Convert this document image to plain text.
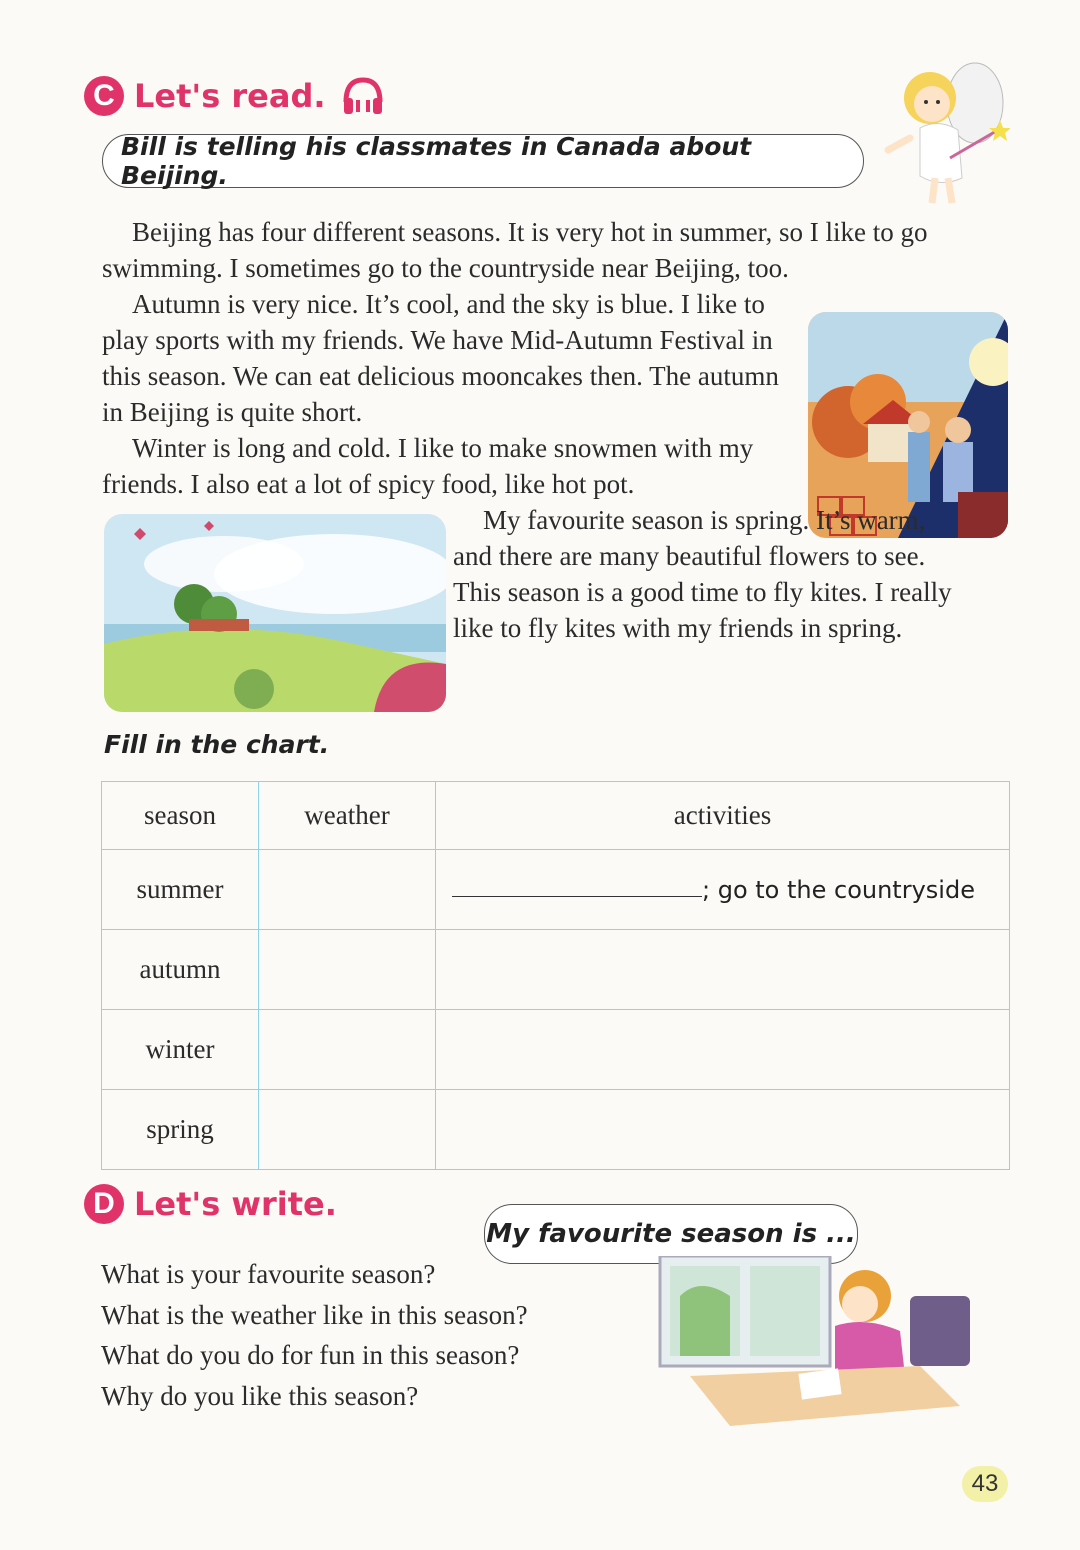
C Let's read.
Bill is telling his classmates in Canada about Beijing.

Beijing has four different seasons. It is very hot in summer, so I like to go swimming. I sometimes go to the countryside near Beijing, too.

Autumn is very nice. It’s cool, and the sky is blue. I like to play sports with my friends. We have Mid-Autumn Festival in this season. We can eat delicious mooncakes then. The autumn in Beijing is quite short.

Winter is long and cold. I like to make snowmen with my friends. I also eat a lot of spicy food, like hot pot.

My favourite season is spring. It’s warm, and there are many beautiful flowers to see. This season is a good time to fly kites. I really like to fly kites with my friends in spring.

Fill in the chart.
season	weather	activities
summer		; go to the countryside
autumn		
winter		
spring		
D Let's write.
My favourite season is ...

What is your favourite season?

What is the weather like in this season?

What do you do for fun in this season?

Why do you like this season?

43
